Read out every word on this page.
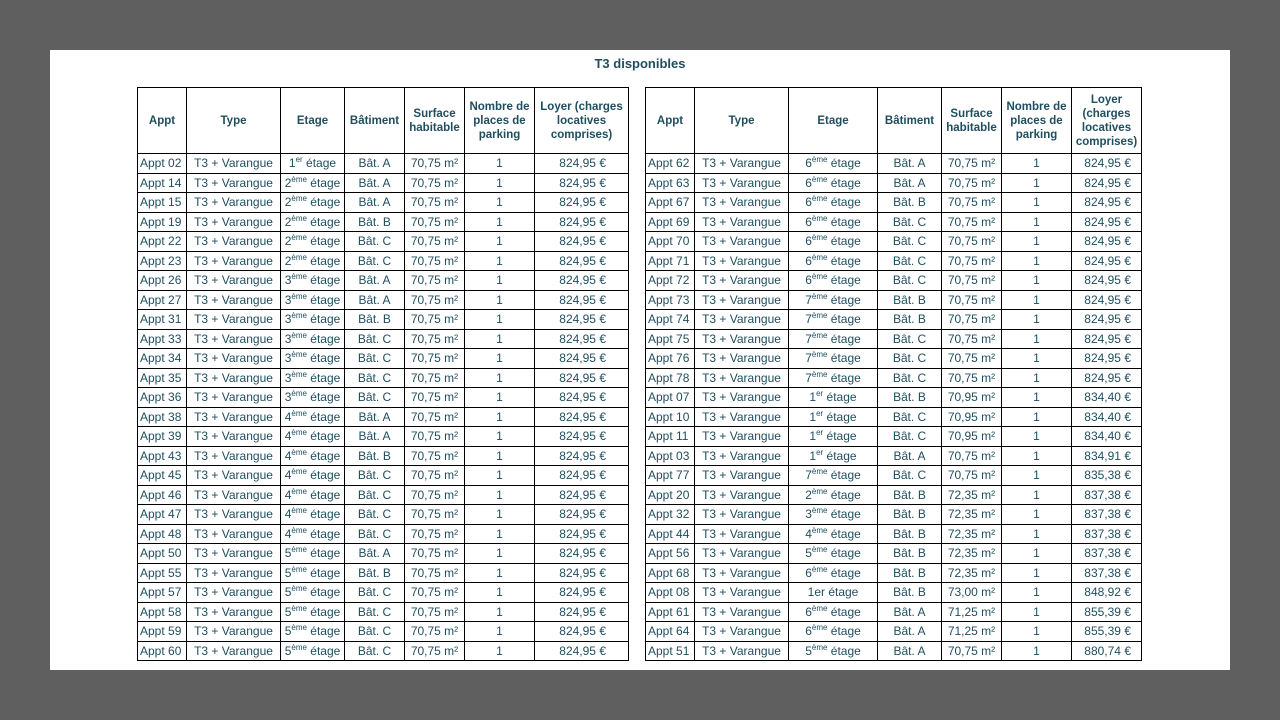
T3 disponibles
Appt	Type	Etage	Bâtiment	Surface habitable	Nombre de places de parking	Loyer (charges locatives comprises)
Appt 02	T3 + Varangue	1er étage	Bât. A	70,75 m²	1	824,95 €
Appt 14	T3 + Varangue	2ème étage	Bât. A	70,75 m²	1	824,95 €
Appt 15	T3 + Varangue	2ème étage	Bât. A	70,75 m²	1	824,95 €
Appt 19	T3 + Varangue	2ème étage	Bât. B	70,75 m²	1	824,95 €
Appt 22	T3 + Varangue	2ème étage	Bât. C	70,75 m²	1	824,95 €
Appt 23	T3 + Varangue	2ème étage	Bât. C	70,75 m²	1	824,95 €
Appt 26	T3 + Varangue	3ème étage	Bât. A	70,75 m²	1	824,95 €
Appt 27	T3 + Varangue	3ème étage	Bât. A	70,75 m²	1	824,95 €
Appt 31	T3 + Varangue	3ème étage	Bât. B	70,75 m²	1	824,95 €
Appt 33	T3 + Varangue	3ème étage	Bât. C	70,75 m²	1	824,95 €
Appt 34	T3 + Varangue	3ème étage	Bât. C	70,75 m²	1	824,95 €
Appt 35	T3 + Varangue	3ème étage	Bât. C	70,75 m²	1	824,95 €
Appt 36	T3 + Varangue	3ème étage	Bât. C	70,75 m²	1	824,95 €
Appt 38	T3 + Varangue	4ème étage	Bât. A	70,75 m²	1	824,95 €
Appt 39	T3 + Varangue	4ème étage	Bât. A	70,75 m²	1	824,95 €
Appt 43	T3 + Varangue	4ème étage	Bât. B	70,75 m²	1	824,95 €
Appt 45	T3 + Varangue	4ème étage	Bât. C	70,75 m²	1	824,95 €
Appt 46	T3 + Varangue	4ème étage	Bât. C	70,75 m²	1	824,95 €
Appt 47	T3 + Varangue	4ème étage	Bât. C	70,75 m²	1	824,95 €
Appt 48	T3 + Varangue	4ème étage	Bât. C	70,75 m²	1	824,95 €
Appt 50	T3 + Varangue	5ème étage	Bât. A	70,75 m²	1	824,95 €
Appt 55	T3 + Varangue	5ème étage	Bât. B	70,75 m²	1	824,95 €
Appt 57	T3 + Varangue	5ème étage	Bât. C	70,75 m²	1	824,95 €
Appt 58	T3 + Varangue	5ème étage	Bât. C	70,75 m²	1	824,95 €
Appt 59	T3 + Varangue	5ème étage	Bât. C	70,75 m²	1	824,95 €
Appt 60	T3 + Varangue	5ème étage	Bât. C	70,75 m²	1	824,95 €
Appt	Type	Etage	Bâtiment	Surface habitable	Nombre de places de parking	Loyer (charges locatives comprises)
Appt 62	T3 + Varangue	6ème étage	Bât. A	70,75 m²	1	824,95 €
Appt 63	T3 + Varangue	6ème étage	Bât. A	70,75 m²	1	824,95 €
Appt 67	T3 + Varangue	6ème étage	Bât. B	70,75 m²	1	824,95 €
Appt 69	T3 + Varangue	6ème étage	Bât. C	70,75 m²	1	824,95 €
Appt 70	T3 + Varangue	6ème étage	Bât. C	70,75 m²	1	824,95 €
Appt 71	T3 + Varangue	6ème étage	Bât. C	70,75 m²	1	824,95 €
Appt 72	T3 + Varangue	6ème étage	Bât. C	70,75 m²	1	824,95 €
Appt 73	T3 + Varangue	7ème étage	Bât. B	70,75 m²	1	824,95 €
Appt 74	T3 + Varangue	7ème étage	Bât. B	70,75 m²	1	824,95 €
Appt 75	T3 + Varangue	7ème étage	Bât. C	70,75 m²	1	824,95 €
Appt 76	T3 + Varangue	7ème étage	Bât. C	70,75 m²	1	824,95 €
Appt 78	T3 + Varangue	7ème étage	Bât. C	70,75 m²	1	824,95 €
Appt 07	T3 + Varangue	1er étage	Bât. B	70,95 m²	1	834,40 €
Appt 10	T3 + Varangue	1er étage	Bât. C	70,95 m²	1	834,40 €
Appt 11	T3 + Varangue	1er étage	Bât. C	70,95 m²	1	834,40 €
Appt 03	T3 + Varangue	1er étage	Bât. A	70,75 m²	1	834,91 €
Appt 77	T3 + Varangue	7ème étage	Bât. C	70,75 m²	1	835,38 €
Appt 20	T3 + Varangue	2ème étage	Bât. B	72,35 m²	1	837,38 €
Appt 32	T3 + Varangue	3ème étage	Bât. B	72,35 m²	1	837,38 €
Appt 44	T3 + Varangue	4ème étage	Bât. B	72,35 m²	1	837,38 €
Appt 56	T3 + Varangue	5ème étage	Bât. B	72,35 m²	1	837,38 €
Appt 68	T3 + Varangue	6ème étage	Bât. B	72,35 m²	1	837,38 €
Appt 08	T3 + Varangue	1er étage	Bât. B	73,00 m²	1	848,92 €
Appt 61	T3 + Varangue	6ème étage	Bât. A	71,25 m²	1	855,39 €
Appt 64	T3 + Varangue	6ème étage	Bât. A	71,25 m²	1	855,39 €
Appt 51	T3 + Varangue	5ème étage	Bât. A	70,75 m²	1	880,74 €
